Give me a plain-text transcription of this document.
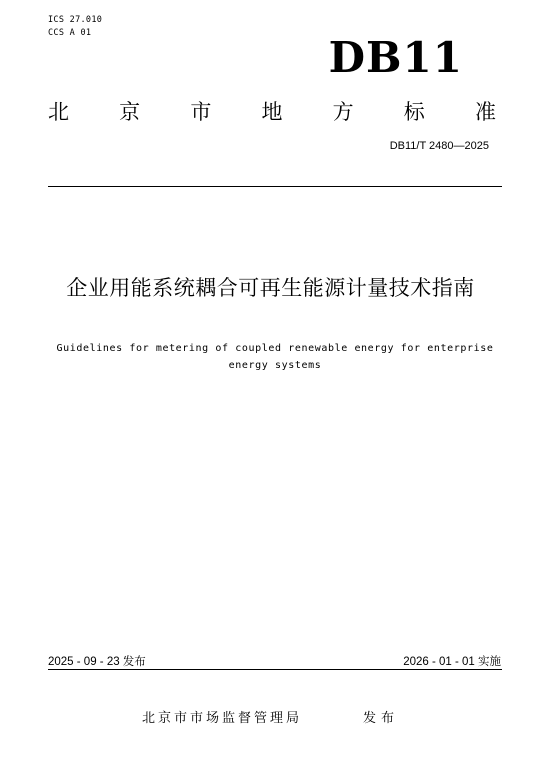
ICS 27.010
CCS A 01	DB11
北 京 市 地 方 标 准
DB11/T 2480—2025
企业用能系统耦合可再生能源计量技术指南
Guidelines for metering of coupled renewable energy for enterprise
energy systems
2025 - 09 - 23 发布	2026 - 01 - 01 实施
北京市市场监督管理局	发布
